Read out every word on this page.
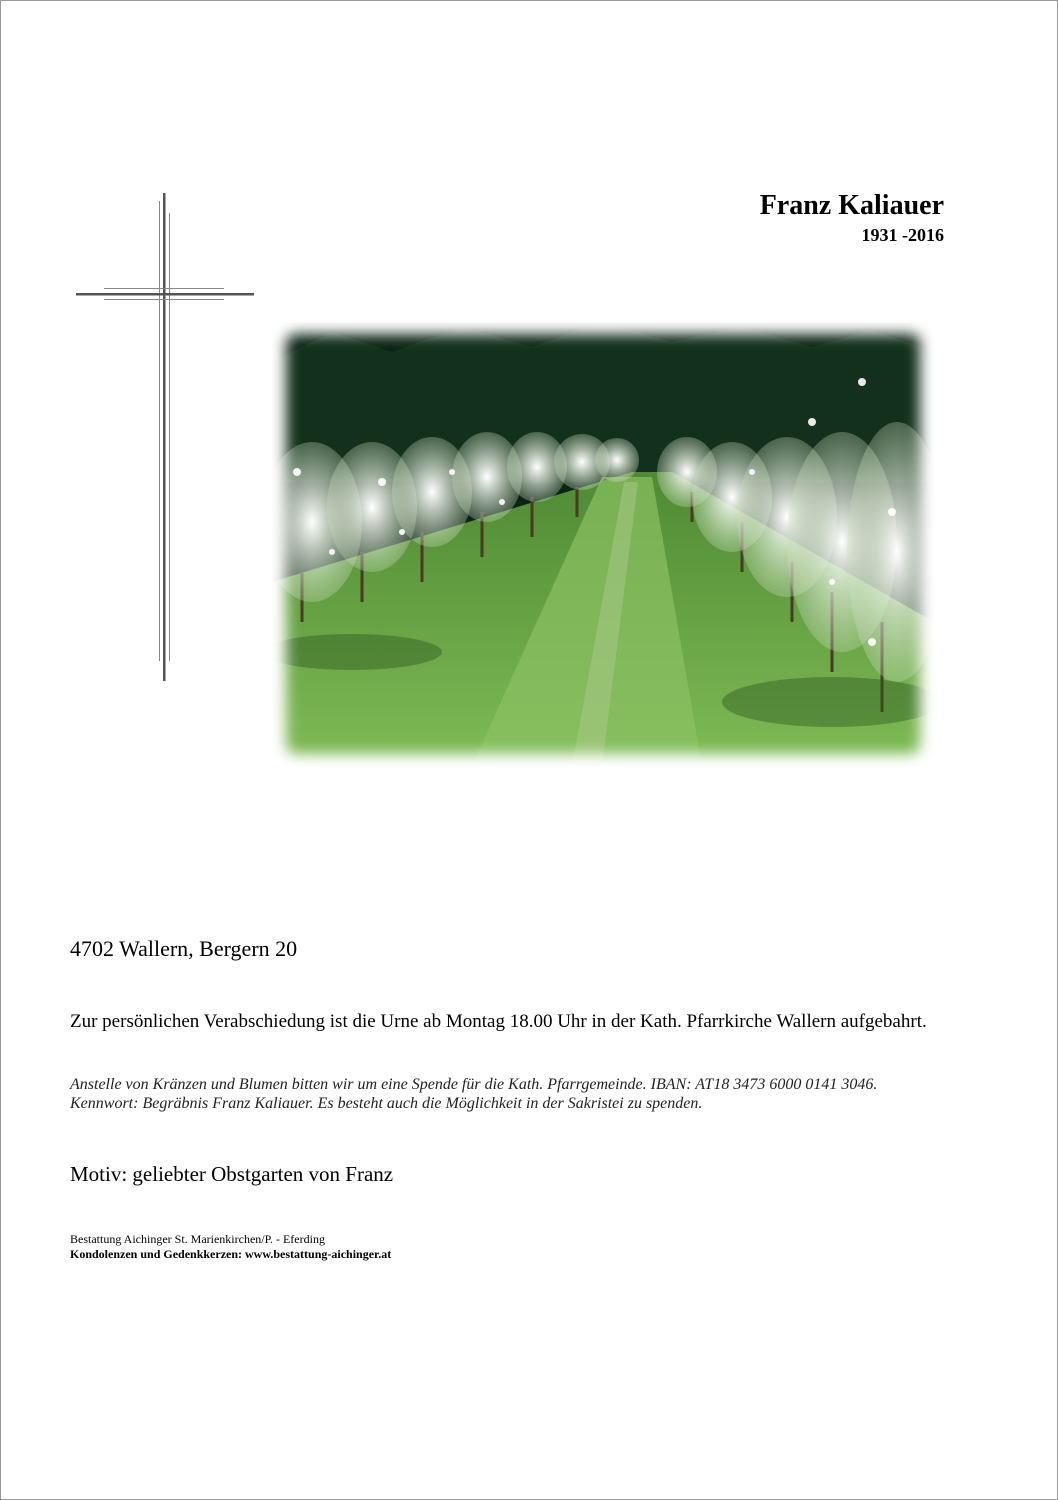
Franz Kaliauer
1931 -2016
4702 Wallern, Bergern 20
Zur persönlichen Verabschiedung ist die Urne ab Montag 18.00 Uhr in der Kath. Pfarrkirche Wallern aufgebahrt.
Anstelle von Kränzen und Blumen bitten wir um eine Spende für die Kath. Pfarrgemeinde. IBAN: AT18 3473 6000 0141 3046.
Kennwort: Begräbnis Franz Kaliauer. Es besteht auch die Möglichkeit in der Sakristei zu spenden.
Motiv: geliebter Obstgarten von Franz
Bestattung Aichinger St. Marienkirchen/P. - Eferding
Kondolenzen und Gedenkkerzen: www.bestattung-aichinger.at
